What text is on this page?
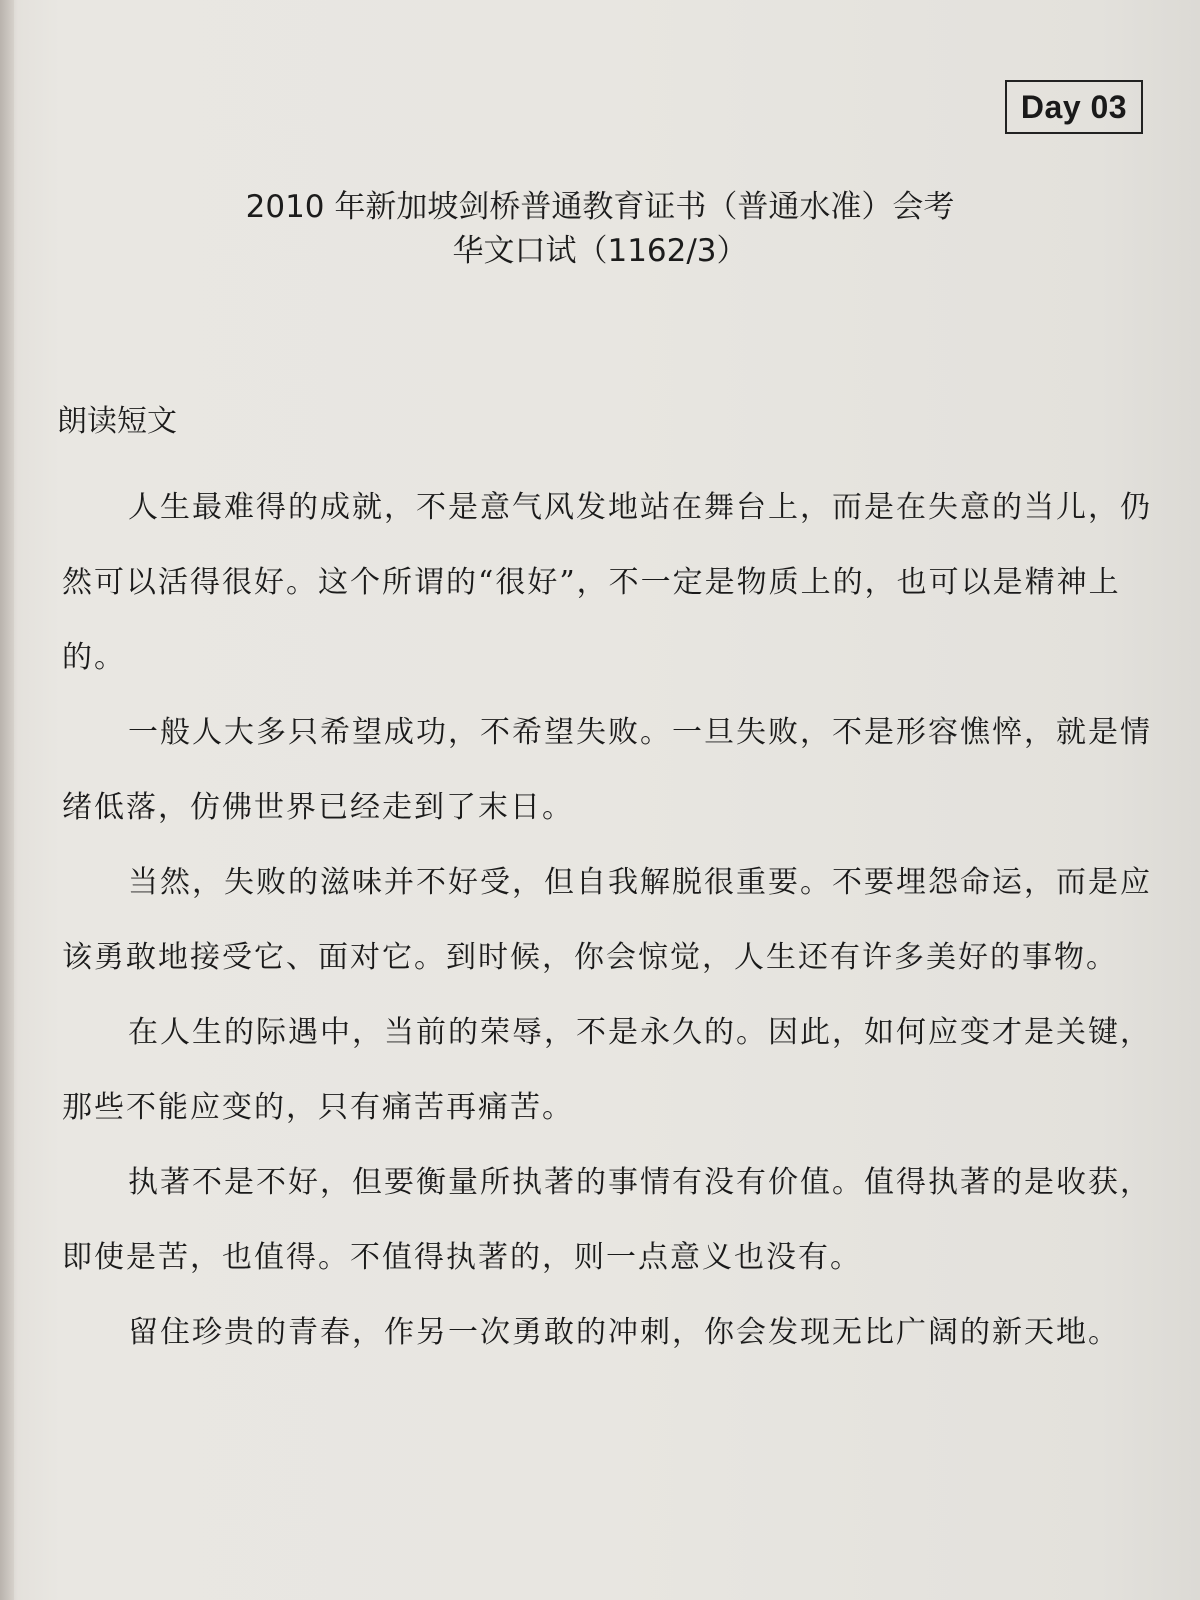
Day 03
2010 年新加坡剑桥普通教育证书（普通水准）会考
华文口试（1162/3）
朗读短文

人生最难得的成就，不是意气风发地站在舞台上，而是在失意的当儿，仍然可以活得很好。这个所谓的“很好”，不一定是物质上的，也可以是精神上的。

一般人大多只希望成功，不希望失败。一旦失败，不是形容憔悴，就是情绪低落，仿佛世界已经走到了末日。

当然，失败的滋味并不好受，但自我解脱很重要。不要埋怨命运，而是应该勇敢地接受它、面对它。到时候，你会惊觉，人生还有许多美好的事物。

在人生的际遇中，当前的荣辱，不是永久的。因此，如何应变才是关键，那些不能应变的，只有痛苦再痛苦。

执著不是不好，但要衡量所执著的事情有没有价值。值得执著的是收获，即使是苦，也值得。不值得执著的，则一点意义也没有。

留住珍贵的青春，作另一次勇敢的冲刺，你会发现无比广阔的新天地。
